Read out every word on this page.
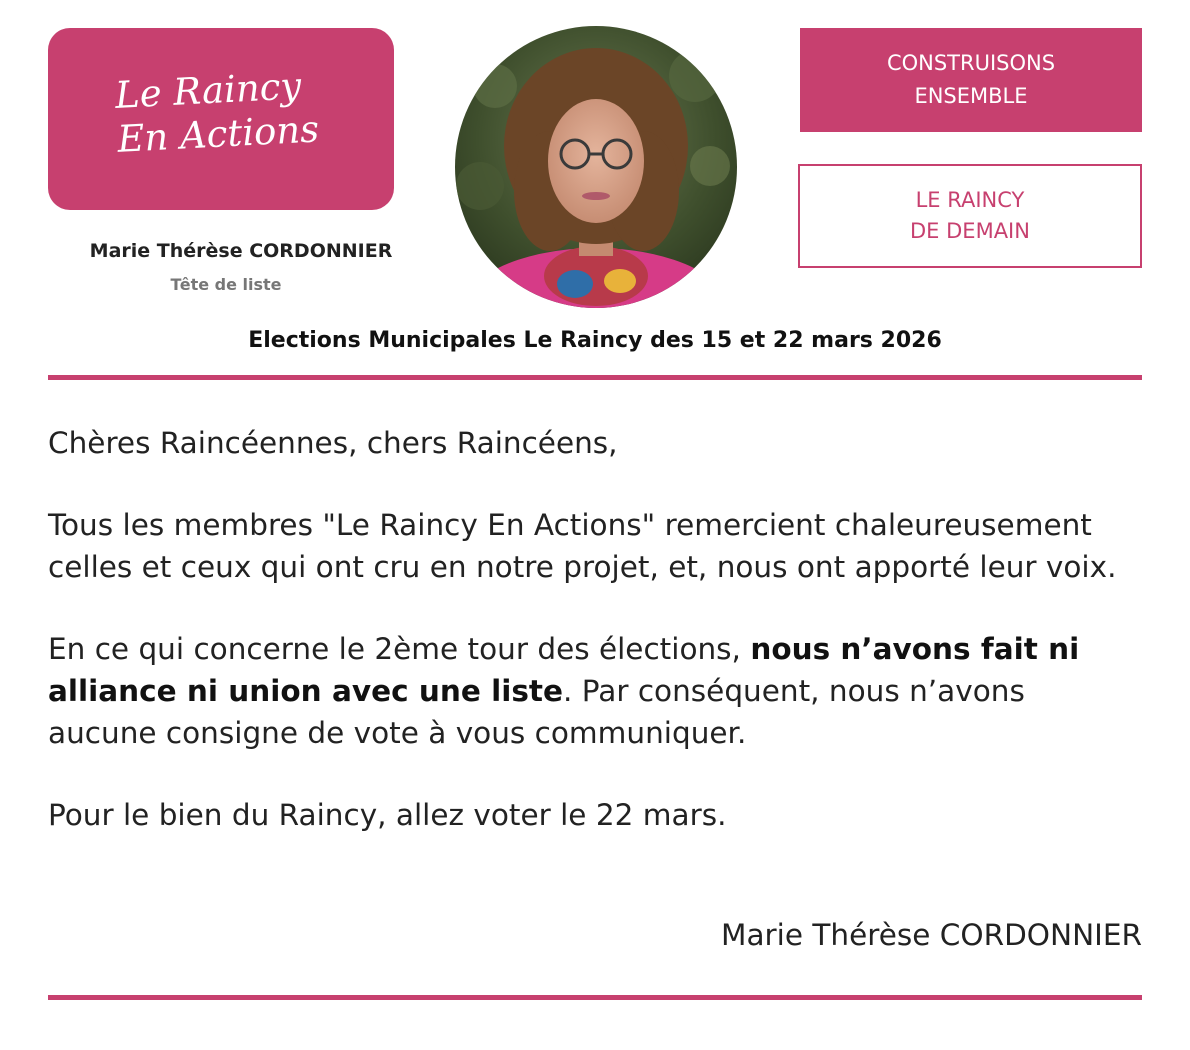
Le Raincy
En Actions
Marie Thérèse CORDONNIER
Tête de liste
CONSTRUISONS
ENSEMBLE
LE RAINCY
DE DEMAIN
Elections Municipales Le Raincy des 15 et 22 mars 2026

Chères Raincéennes, chers Raincéens,

Tous les membres "Le Raincy En Actions" remercient chaleureusement celles et ceux qui ont cru en notre projet, et, nous ont apporté leur voix.

En ce qui concerne le 2ème tour des élections, nous n’avons fait ni alliance ni union avec une liste. Par conséquent, nous n’avons aucune consigne de vote à vous communiquer.

Pour le bien du Raincy, allez voter le 22 mars.

Marie Thérèse CORDONNIER
